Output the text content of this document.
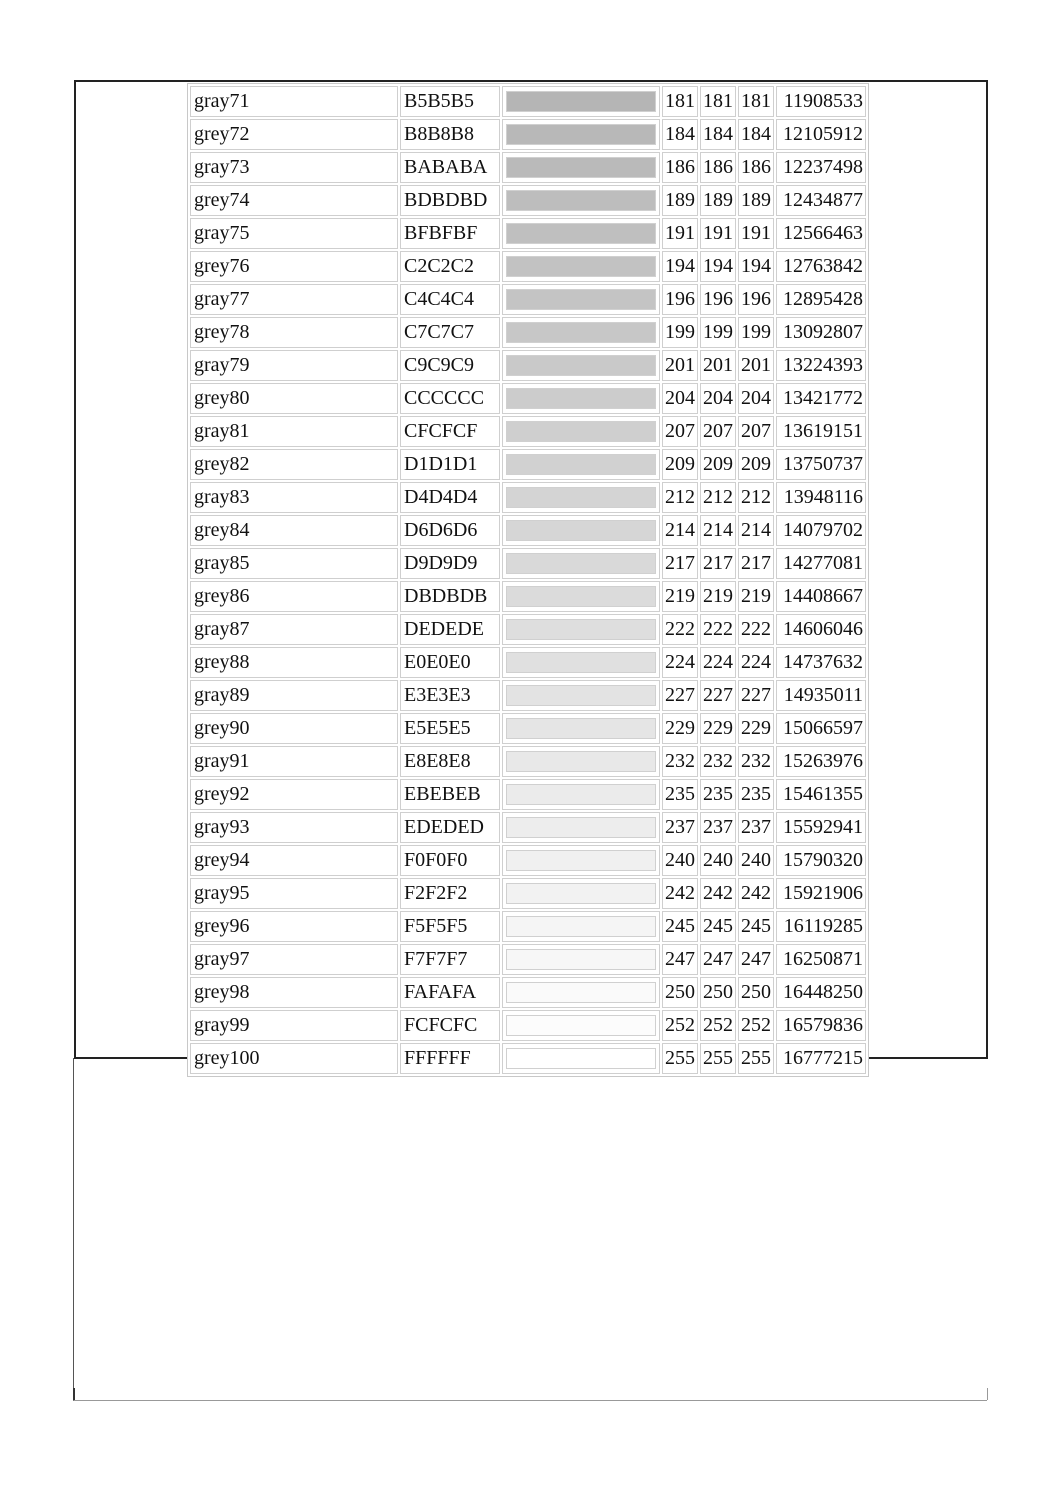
gray71	B5B5B5		181	181	181	11908533
grey72	B8B8B8		184	184	184	12105912
gray73	BABABA		186	186	186	12237498
grey74	BDBDBD		189	189	189	12434877
gray75	BFBFBF		191	191	191	12566463
grey76	C2C2C2		194	194	194	12763842
gray77	C4C4C4		196	196	196	12895428
grey78	C7C7C7		199	199	199	13092807
gray79	C9C9C9		201	201	201	13224393
grey80	CCCCCC		204	204	204	13421772
gray81	CFCFCF		207	207	207	13619151
grey82	D1D1D1		209	209	209	13750737
gray83	D4D4D4		212	212	212	13948116
grey84	D6D6D6		214	214	214	14079702
gray85	D9D9D9		217	217	217	14277081
grey86	DBDBDB		219	219	219	14408667
gray87	DEDEDE		222	222	222	14606046
grey88	E0E0E0		224	224	224	14737632
gray89	E3E3E3		227	227	227	14935011
grey90	E5E5E5		229	229	229	15066597
gray91	E8E8E8		232	232	232	15263976
grey92	EBEBEB		235	235	235	15461355
gray93	EDEDED		237	237	237	15592941
grey94	F0F0F0		240	240	240	15790320
gray95	F2F2F2		242	242	242	15921906
grey96	F5F5F5		245	245	245	16119285
gray97	F7F7F7		247	247	247	16250871
grey98	FAFAFA		250	250	250	16448250
gray99	FCFCFC		252	252	252	16579836
grey100	FFFFFF		255	255	255	16777215
